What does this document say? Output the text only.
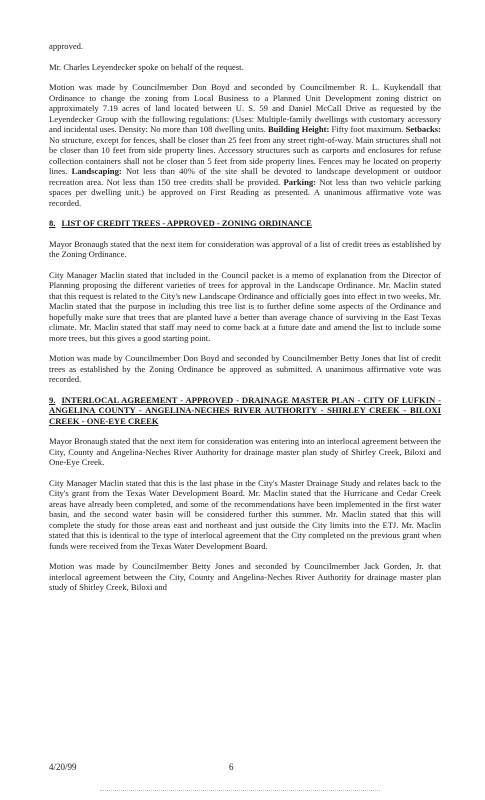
approved.

Mr. Charles Leyendecker spoke on behalf of the request.

Motion was made by Councilmember Don Boyd and seconded by Councilmember R. L. Kuykendall that Ordinance to change the zoning from Local Business to a Planned Unit Development zoning district on approximately 7.19 acres of land located between U. S. 59 and Daniel McCall Drive as requested by the Leyendecker Group with the following regulations: (Uses: Multiple-family dwellings with customary accessory and incidental uses. Density: No more than 108 dwelling units. Building Height: Fifty foot maximum. Setbacks: No structure, except for fences, shall be closer than 25 feet from any street right-of-way. Main structures shall not be closer than 10 feet from side property lines. Accessory structures such as carports and enclosures for refuse collection containers shall not be closer than 5 feet from side property lines. Fences may be located on property lines. Landscaping: Not less than 40% of the site shall be devoted to landscape development or outdoor recreation area. Not less than 150 tree credits shall be provided. Parking: Not less than two vehicle parking spaces per dwelling unit.) be approved on First Reading as presented. A unanimous affirmative vote was recorded.

8. LIST OF CREDIT TREES - APPROVED - ZONING ORDINANCE

Mayor Bronaugh stated that the next item for consideration was approval of a list of credit trees as established by the Zoning Ordinance.

City Manager Maclin stated that included in the Council packet is a memo of explanation from the Director of Planning proposing the different varieties of trees for approval in the Landscape Ordinance. Mr. Maclin stated that this request is related to the City's new Landscape Ordinance and officially goes into effect in two weeks. Mr. Maclin stated that the purpose in including this tree list is to further define some aspects of the Ordinance and hopefully make sure that trees that are planted have a better than average chance of surviving in the East Texas climate. Mr. Maclin stated that staff may need to come back at a future date and amend the list to include some more trees, but this gives a good starting point.

Motion was made by Councilmember Don Boyd and seconded by Councilmember Betty Jones that list of credit trees as established by the Zoning Ordinance be approved as submitted. A unanimous affirmative vote was recorded.

9. INTERLOCAL AGREEMENT - APPROVED - DRAINAGE MASTER PLAN - CITY OF LUFKIN - ANGELINA COUNTY - ANGELINA-NECHES RIVER AUTHORITY - SHIRLEY CREEK - BILOXI CREEK - ONE-EYE CREEK

Mayor Bronaugh stated that the next item for consideration was entering into an interlocal agreement between the City, County and Angelina-Neches River Authority for drainage master plan study of Shirley Creek, Biloxi and One-Eye Creek.

City Manager Maclin stated that this is the last phase in the City's Master Drainage Study and relates back to the City's grant from the Texas Water Development Board. Mr. Maclin stated that the Hurricane and Cedar Creek areas have already been completed, and some of the recommendations have been implemented in the first water basin, and the second water basin will be considered further this summer. Mr. Maclin stated that this will complete the study for those areas east and northeast and just outside the City limits into the ETJ. Mr. Maclin stated that this is identical to the type of interlocal agreement that the City completed on the previous grant when funds were received from the Texas Water Development Board.

Motion was made by Councilmember Betty Jones and seconded by Councilmember Jack Gorden, Jr. that interlocal agreement between the City, County and Angelina-Neches River Authority for drainage master plan study of Shirley Creek, Biloxi and

4/20/99	6
